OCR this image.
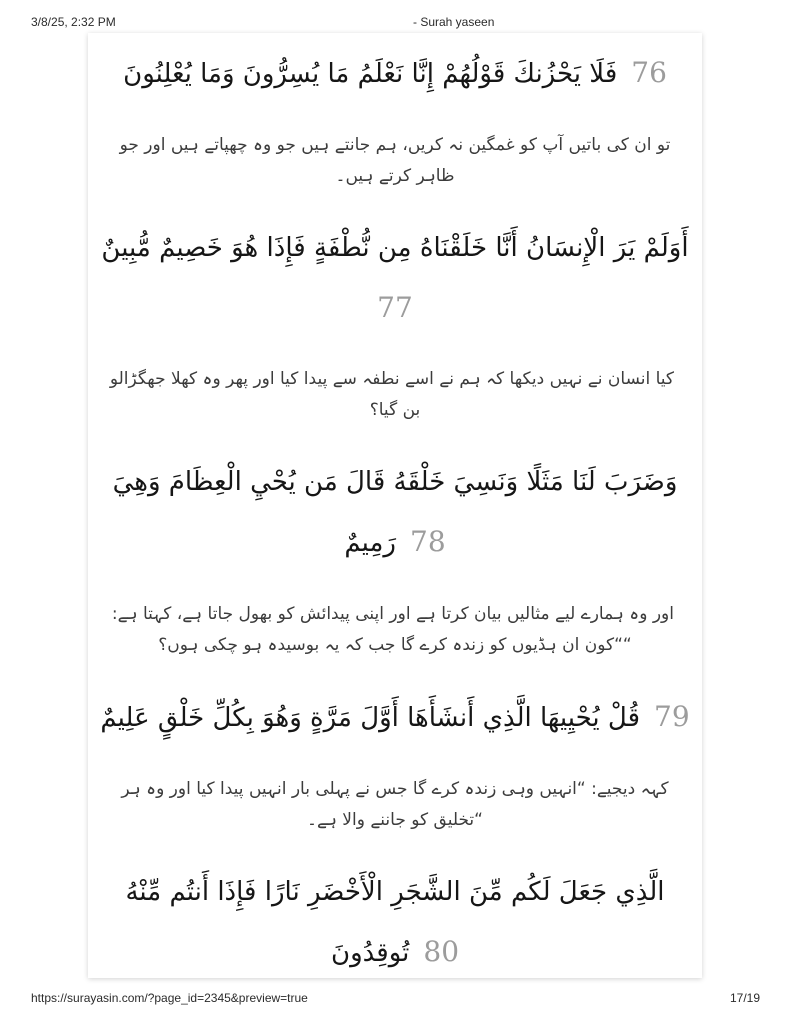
3/8/25, 2:32 PM	- Surah yaseen
فَلَا يَحْزُنكَ قَوْلُهُمْ إِنَّا نَعْلَمُ مَا يُسِرُّونَ وَمَا يُعْلِنُونَ 76
تو ان کی باتیں آپ کو غمگین نہ کریں، ہم جانتے ہیں جو وہ چھپاتے ہیں اور جو
ظاہر کرتے ہیں۔
أَوَلَمْ يَرَ الْإِنسَانُ أَنَّا خَلَقْنَاهُ مِن نُّطْفَةٍ فَإِذَا هُوَ خَصِيمٌ مُّبِينٌ
77
کیا انسان نے نہیں دیکھا کہ ہم نے اسے نطفہ سے پیدا کیا اور پھر وہ کھلا جھگڑالو
بن گیا؟
وَضَرَبَ لَنَا مَثَلًا وَنَسِيَ خَلْقَهُ قَالَ مَن يُحْيِ الْعِظَامَ وَهِيَ
رَمِيمٌ 78
اور وہ ہمارے لیے مثالیں بیان کرتا ہے اور اپنی پیدائش کو بھول جاتا ہے، کہتا ہے:
““کون ان ہڈیوں کو زندہ کرے گا جب کہ یہ بوسیدہ ہو چکی ہوں؟
قُلْ يُحْيِيهَا الَّذِي أَنشَأَهَا أَوَّلَ مَرَّةٍ وَهُوَ بِكُلِّ خَلْقٍ عَلِيمٌ 79
کہہ دیجیے: “انہیں وہی زندہ کرے گا جس نے پہلی بار انہیں پیدا کیا اور وہ ہر
“تخلیق کو جاننے والا ہے۔
الَّذِي جَعَلَ لَكُم مِّنَ الشَّجَرِ الْأَخْضَرِ نَارًا فَإِذَا أَنتُم مِّنْهُ
تُوقِدُونَ 80
https://surayasin.com/?page_id=2345&preview=true	17/19
